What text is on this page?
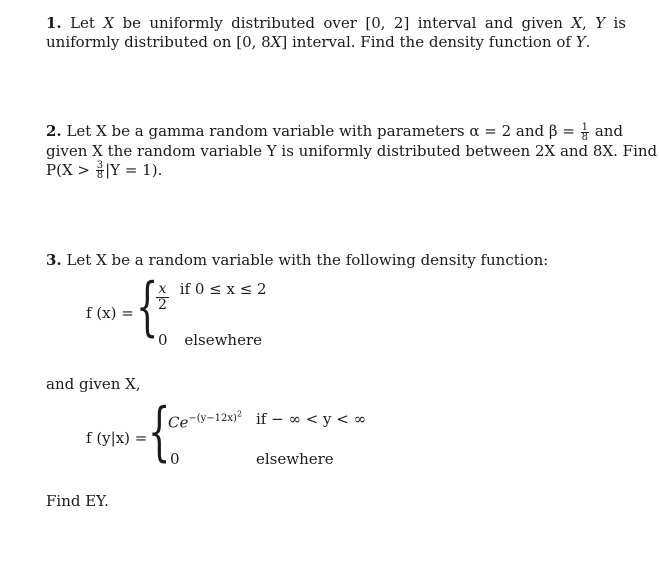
1. Let X be uniformly distributed over [0, 2] interval and given X, Y is uniformly distributed on [0, 8X] interval. Find the density function of Y.
2. Let X be a gamma random variable with parameters α = 2 and $\beta = \frac{1}{8}$ and
given X the random variable Y is uniformly distributed between 2X and 8X. Find
$P(X > \frac{3}{8} |Y = 1)$.
3. Let X be a random variable with the following density function:
f (x) = {
$\frac{x}{2}$ if 0 ≤ x ≤ 2
0 elsewhere
and given X,
f (y|x) = {
$Ce^{-(y-12x)^2}$ if − ∞ < y < ∞
0	elsewhere
Find EY.
